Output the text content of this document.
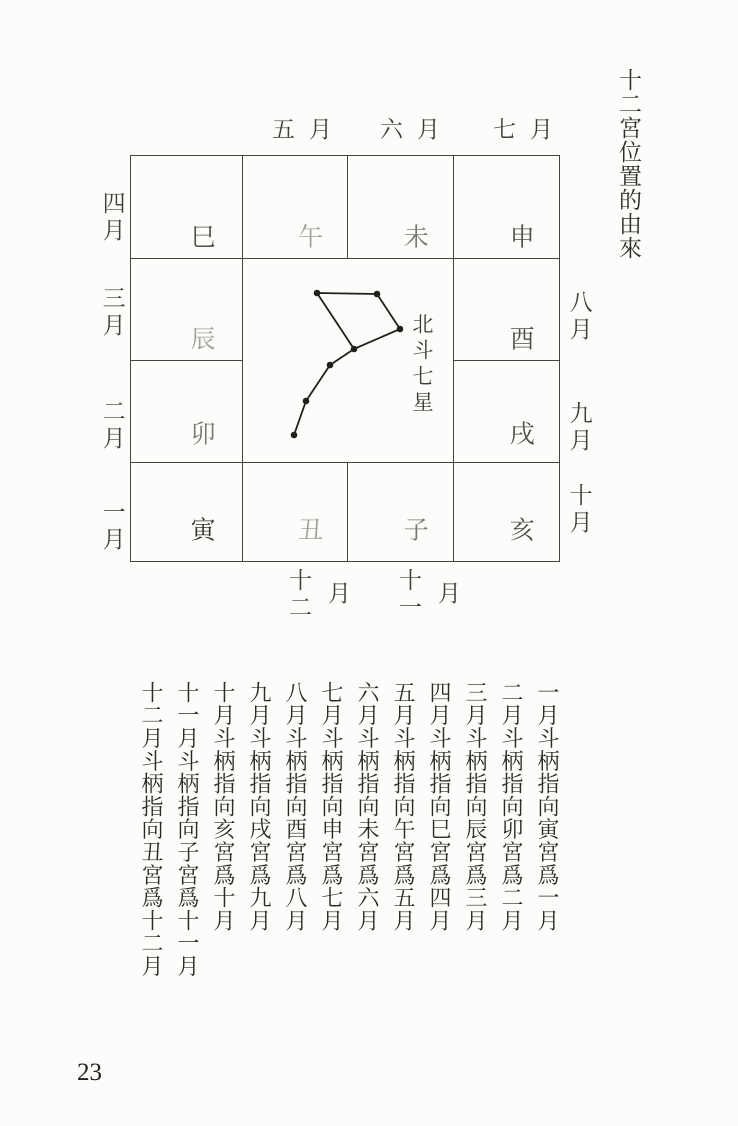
十二宮位置的由來
五月 六月 七月
四月
三月
二月
一月
八月
九月
十月
十二 月 十一 月
巳	午	未	申
辰	北斗七星	酉
卯	戌
寅	丑	子	亥
一月斗柄指向寅宮爲一月
二月斗柄指向卯宮爲二月
三月斗柄指向辰宮爲三月
四月斗柄指向巳宮爲四月
五月斗柄指向午宮爲五月
六月斗柄指向未宮爲六月
七月斗柄指向申宮爲七月
八月斗柄指向酉宮爲八月
九月斗柄指向戌宮爲九月
十月斗柄指向亥宮爲十月
十一月斗柄指向子宮爲十一月
十二月斗柄指向丑宮爲十二月
23
